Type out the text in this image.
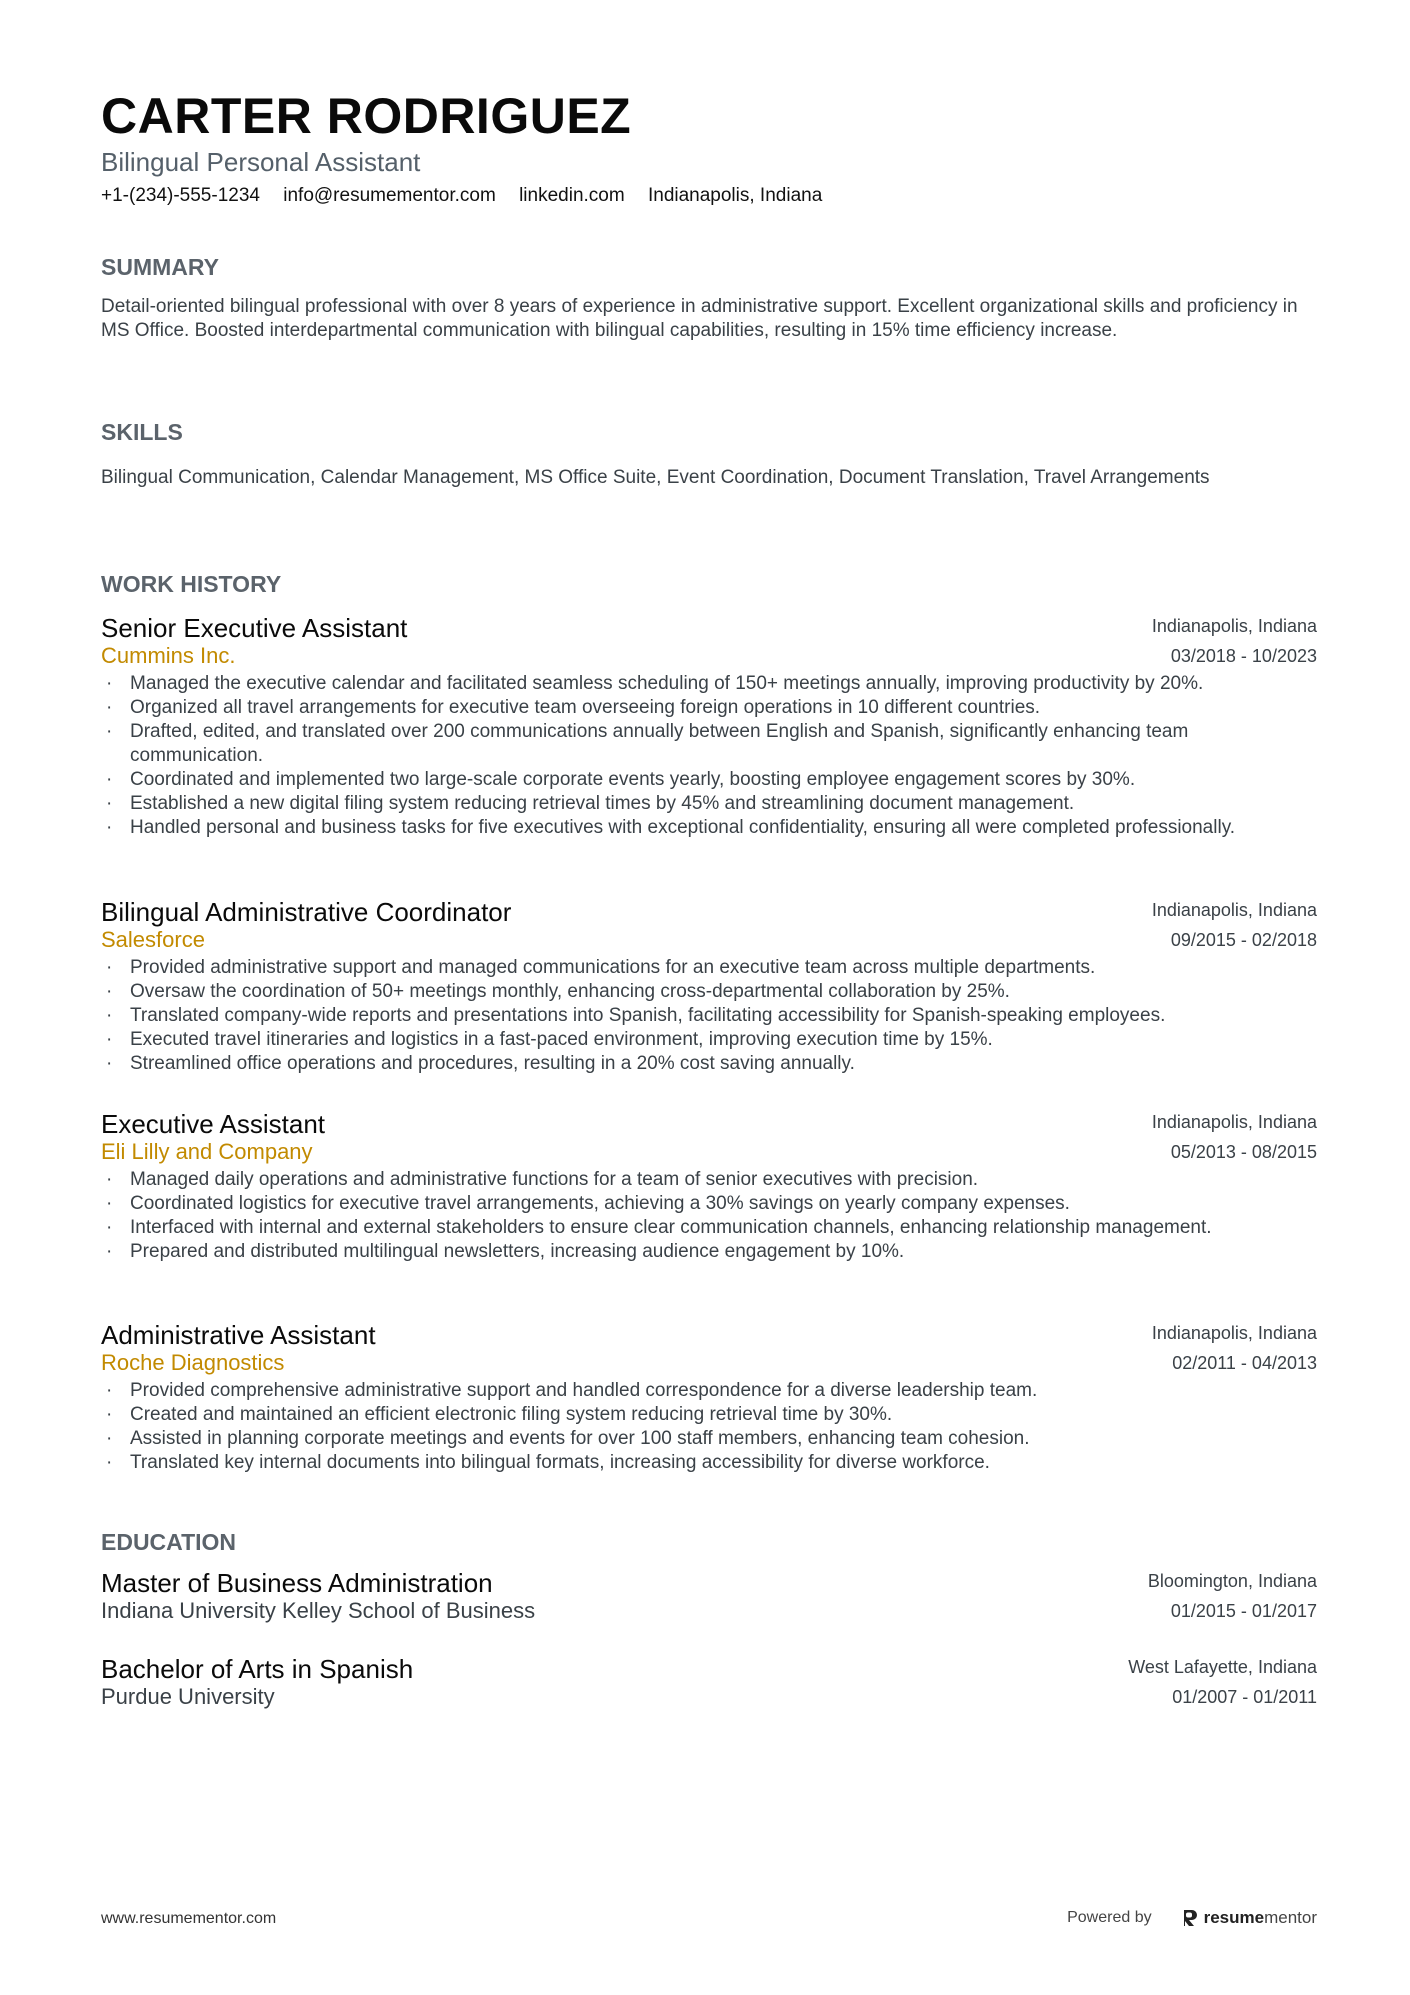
CARTER RODRIGUEZ
Bilingual Personal Assistant
+1-(234)-555-1234 info@resumementor.com linkedin.com Indianapolis, Indiana
SUMMARY
Detail-oriented bilingual professional with over 8 years of experience in administrative support. Excellent organizational skills and proficiency in MS Office. Boosted interdepartmental communication with bilingual capabilities, resulting in 15% time efficiency increase.
SKILLS
Bilingual Communication, Calendar Management, MS Office Suite, Event Coordination, Document Translation, Travel Arrangements
WORK HISTORY
Senior Executive Assistant
Cummins Inc.
Indianapolis, Indiana
03/2018 - 10/2023
· Managed the executive calendar and facilitated seamless scheduling of 150+ meetings annually, improving productivity by 20%.
· Organized all travel arrangements for executive team overseeing foreign operations in 10 different countries.
· Drafted, edited, and translated over 200 communications annually between English and Spanish, significantly enhancing team communication.
· Coordinated and implemented two large-scale corporate events yearly, boosting employee engagement scores by 30%.
· Established a new digital filing system reducing retrieval times by 45% and streamlining document management.
· Handled personal and business tasks for five executives with exceptional confidentiality, ensuring all were completed professionally.
Bilingual Administrative Coordinator
Salesforce
Indianapolis, Indiana
09/2015 - 02/2018
· Provided administrative support and managed communications for an executive team across multiple departments.
· Oversaw the coordination of 50+ meetings monthly, enhancing cross-departmental collaboration by 25%.
· Translated company-wide reports and presentations into Spanish, facilitating accessibility for Spanish-speaking employees.
· Executed travel itineraries and logistics in a fast-paced environment, improving execution time by 15%.
· Streamlined office operations and procedures, resulting in a 20% cost saving annually.
Executive Assistant
Eli Lilly and Company
Indianapolis, Indiana
05/2013 - 08/2015
· Managed daily operations and administrative functions for a team of senior executives with precision.
· Coordinated logistics for executive travel arrangements, achieving a 30% savings on yearly company expenses.
· Interfaced with internal and external stakeholders to ensure clear communication channels, enhancing relationship management.
· Prepared and distributed multilingual newsletters, increasing audience engagement by 10%.
Administrative Assistant
Roche Diagnostics
Indianapolis, Indiana
02/2011 - 04/2013
· Provided comprehensive administrative support and handled correspondence for a diverse leadership team.
· Created and maintained an efficient electronic filing system reducing retrieval time by 30%.
· Assisted in planning corporate meetings and events for over 100 staff members, enhancing team cohesion.
· Translated key internal documents into bilingual formats, increasing accessibility for diverse workforce.
EDUCATION
Master of Business Administration
Indiana University Kelley School of Business
Bloomington, Indiana
01/2015 - 01/2017
Bachelor of Arts in Spanish
Purdue University
West Lafayette, Indiana
01/2007 - 01/2011
www.resumementor.com	Powered by	resumementor
